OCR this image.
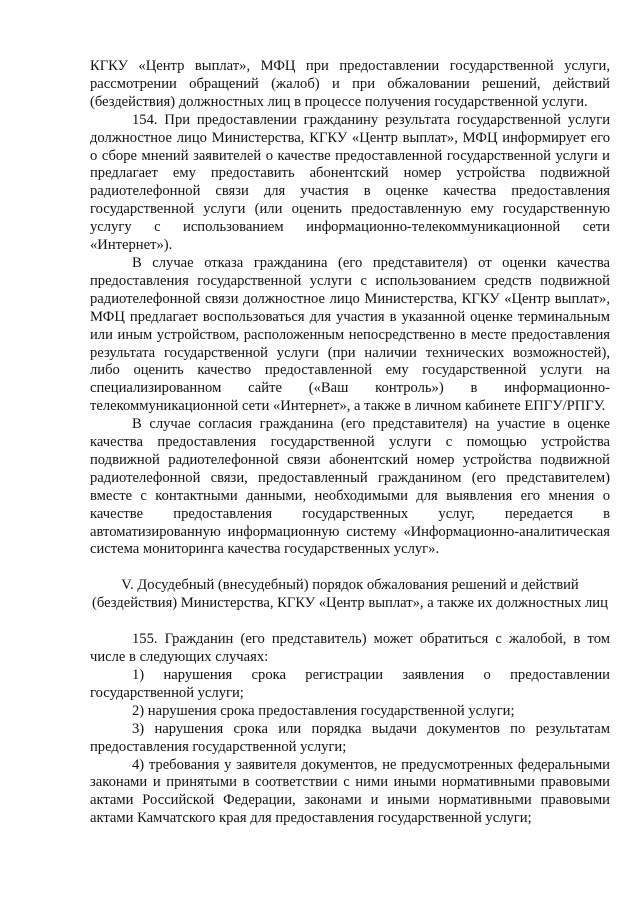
КГКУ «Центр выплат», МФЦ при предоставлении государственной услуги, рассмотрении обращений (жалоб) и при обжаловании решений, действий (бездействия) должностных лиц в процессе получения государственной услуги.

154. При предоставлении гражданину результата государственной услуги должностное лицо Министерства, КГКУ «Центр выплат», МФЦ информирует его о сборе мнений заявителей о качестве предоставленной государственной услуги и предлагает ему предоставить абонентский номер устройства подвижной радиотелефонной связи для участия в оценке качества предоставления государственной услуги (или оценить предоставленную ему государственную услугу с использованием информационно-телекоммуникационной сети «Интернет»).

В случае отказа гражданина (его представителя) от оценки качества предоставления государственной услуги с использованием средств подвижной радиотелефонной связи должностное лицо Министерства, КГКУ «Центр выплат», МФЦ предлагает воспользоваться для участия в указанной оценке терминальным или иным устройством, расположенным непосредственно в месте предоставления результата государственной услуги (при наличии технических возможностей), либо оценить качество предоставленной ему государственной услуги на специализированном сайте («Ваш контроль») в информационно-телекоммуникационной сети «Интернет», а также в личном кабинете ЕПГУ/РПГУ.

В случае согласия гражданина (его представителя) на участие в оценке качества предоставления государственной услуги с помощью устройства подвижной радиотелефонной связи абонентский номер устройства подвижной радиотелефонной связи, предоставленный гражданином (его представителем) вместе с контактными данными, необходимыми для выявления его мнения о качестве предоставления государственных услуг, передается в автоматизированную информационную систему «Информационно-аналитическая система мониторинга качества государственных услуг».

V. Досудебный (внесудебный) порядок обжалования решений и действий (бездействия) Министерства, КГКУ «Центр выплат», а также их должностных лиц

155. Гражданин (его представитель) может обратиться с жалобой, в том числе в следующих случаях:

1) нарушения срока регистрации заявления о предоставлении государственной услуги;

2) нарушения срока предоставления государственной услуги;

3) нарушения срока или порядка выдачи документов по результатам предоставления государственной услуги;

4) требования у заявителя документов, не предусмотренных федеральными законами и принятыми в соответствии с ними иными нормативными правовыми актами Российской Федерации, законами и иными нормативными правовыми актами Камчатского края для предоставления государственной услуги;
